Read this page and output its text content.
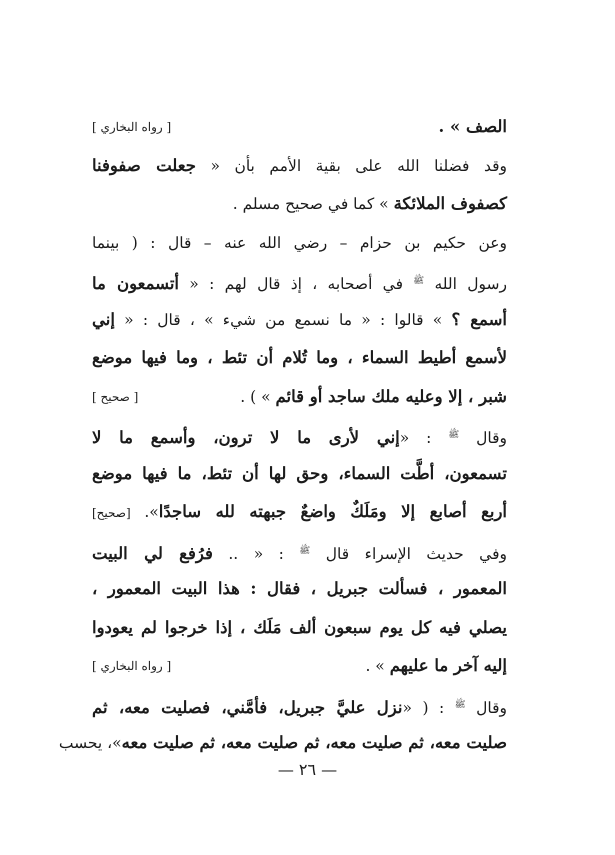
الصف » .
[ رواه البخاري ]
وقد فضلنا الله على بقية الأمم بأن « جعلت صفوفنا
كصفوف الملائكة » كما في صحيح مسلم .
وعن حكيم بن حزام – رضي الله عنه – قال : ( بينما
رسول الله $^ﷺ$ في أصحابه ، إذ قال لهم : « أتسمعون ما
أسمع ؟ » قالوا : « ما نسمع من شيء » ، قال : « إني
لأسمع أطيط السماء ، وما تُلام أن تئط ، وما فيها موضع
شبر ، إلا وعليه ملك ساجد أو قائم » ) .
[ صحيح ]
وقال $^ﷺ$ : «إني لأرى ما لا ترون، وأسمع ما لا
تسمعون، أطَّت السماء، وحق لها أن تئط، ما فيها موضع
أربع أصابع إلا ومَلَكٌ واضعٌ جبهته لله ساجدًا». [صحيح]
وفي حديث الإسراء قال $^ﷺ$ : « .. فرُفع لي البيت
المعمور ، فسألت جبريل ، فقال : هذا البيت المعمور ،
يصلي فيه كل يوم سبعون ألف مَلَك ، إذا خرجوا لم يعودوا
إليه آخر ما عليهم » .
[ رواه البخاري ]
وقال $^ﷺ$ : ( «نزل عليَّ جبريل، فأمَّني، فصليت معه، ثم
صليت معه، ثم صليت معه، ثم صليت معه، ثم صليت معه»، يحسب
— ٢٦ —
